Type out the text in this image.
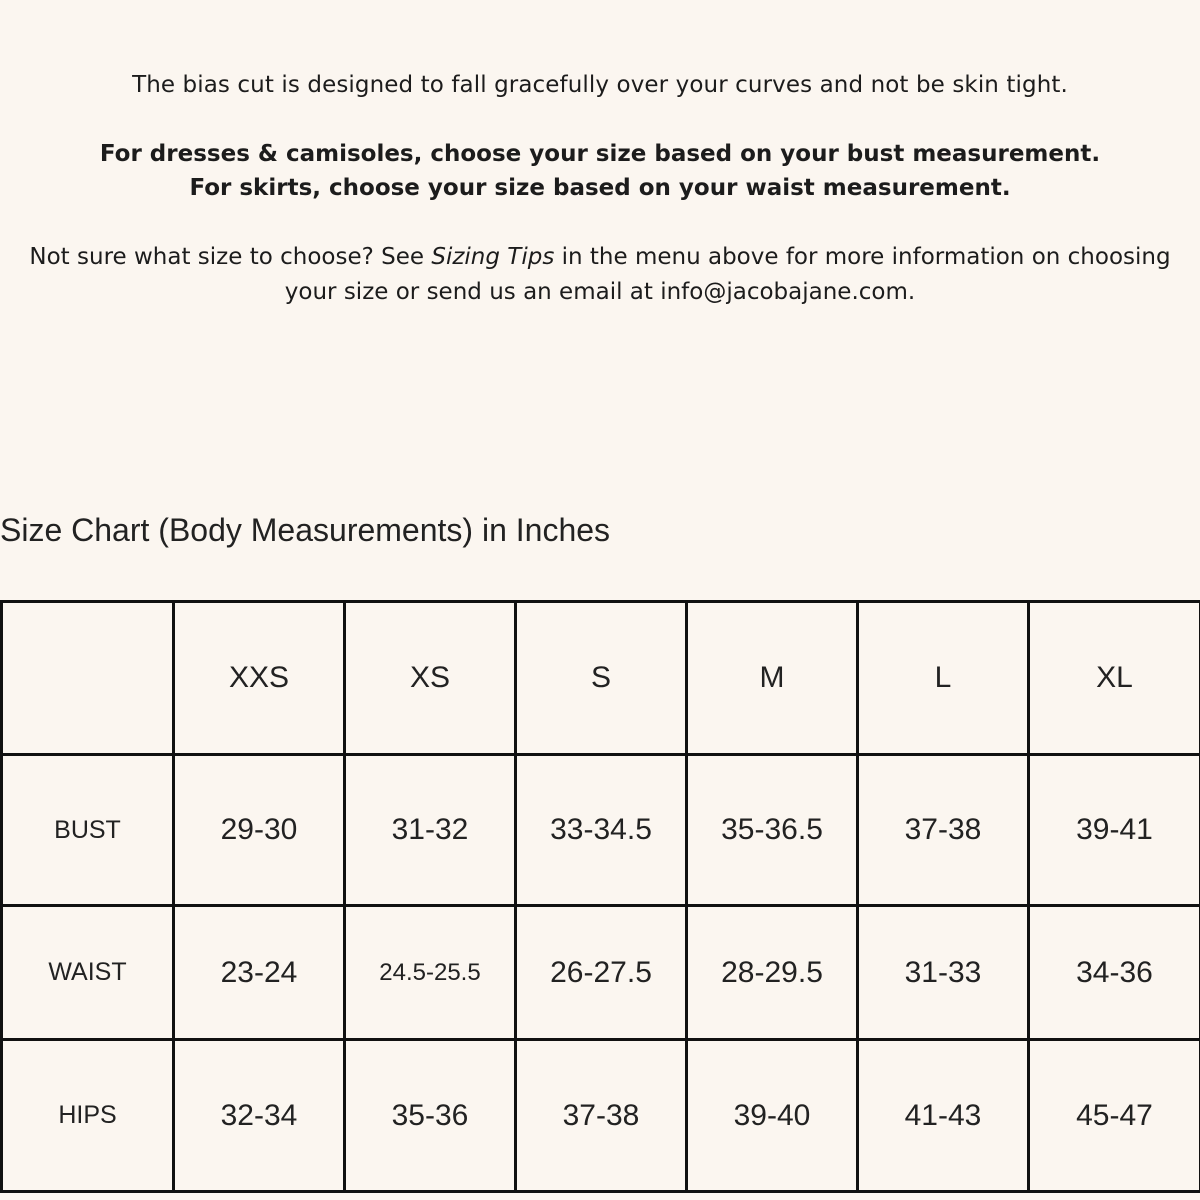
The bias cut is designed to fall gracefully over your curves and not be skin tight.
For dresses & camisoles, choose your size based on your bust measurement.
For skirts, choose your size based on your waist measurement.
Not sure what size to choose? See Sizing Tips in the menu above for more information on choosing
your size or send us an email at info@jacobajane.com.
Size Chart (Body Measurements) in Inches
	XXS	XS	S	M	L	XL
BUST	29-30	31-32	33-34.5	35-36.5	37-38	39-41
WAIST	23-24	24.5-25.5	26-27.5	28-29.5	31-33	34-36
HIPS	32-34	35-36	37-38	39-40	41-43	45-47
